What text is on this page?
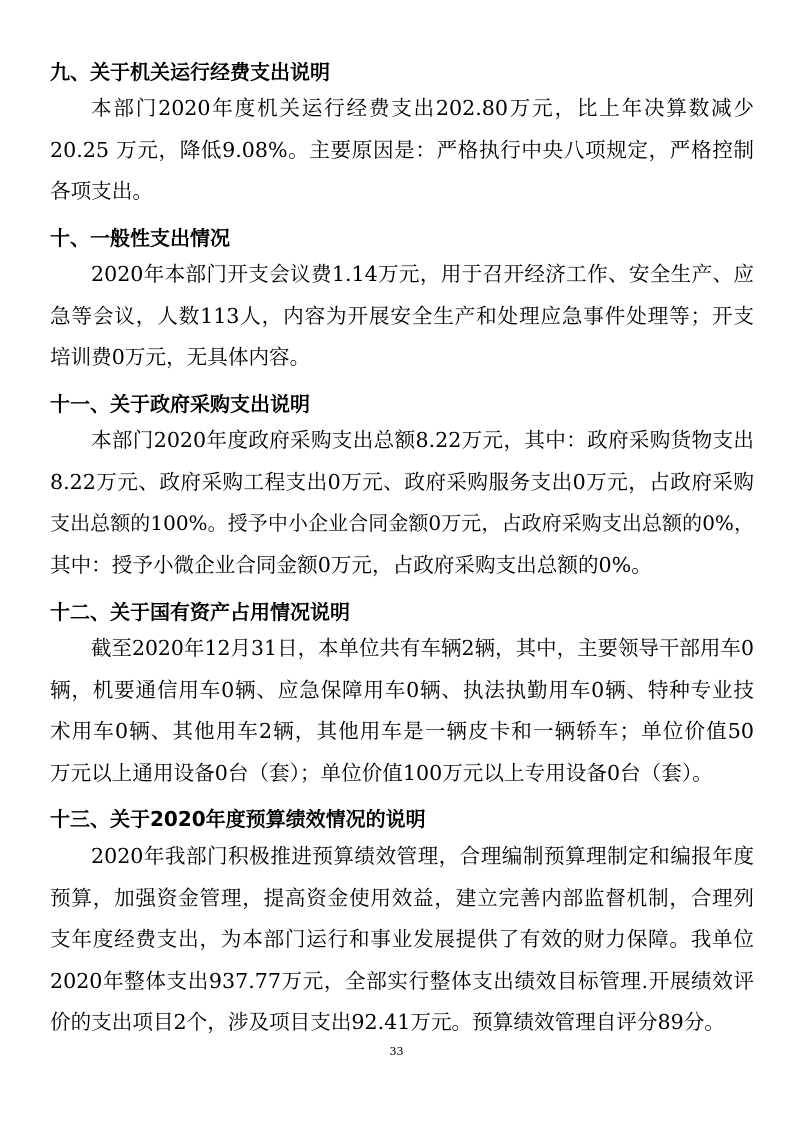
九、关于机关运行经费支出说明
本部门2020年度机关运行经费支出202.80万元，比上年决算数减少
20.25 万元，降低9.08%。主要原因是：严格执行中央八项规定，严格控制
各项支出。
十、一般性支出情况
2020年本部门开支会议费1.14万元，用于召开经济工作、安全生产、应
急等会议，人数113人，内容为开展安全生产和处理应急事件处理等；开支
培训费0万元，无具体内容。
十一、关于政府采购支出说明
本部门2020年度政府采购支出总额8.22万元，其中：政府采购货物支出
8.22万元、政府采购工程支出0万元、政府采购服务支出0万元，占政府采购
支出总额的100%。授予中小企业合同金额0万元，占政府采购支出总额的0%，
其中：授予小微企业合同金额0万元，占政府采购支出总额的0%。
十二、关于国有资产占用情况说明
截至2020年12月31日，本单位共有车辆2辆，其中，主要领导干部用车0
辆，机要通信用车0辆、应急保障用车0辆、执法执勤用车0辆、特种专业技
术用车0辆、其他用车2辆，其他用车是一辆皮卡和一辆轿车；单位价值50
万元以上通用设备0台（套）；单位价值100万元以上专用设备0台（套）。
十三、关于2020年度预算绩效情况的说明
2020年我部门积极推进预算绩效管理，合理编制预算理制定和编报年度
预算，加强资金管理，提高资金使用效益，建立完善内部监督机制，合理列
支年度经费支出，为本部门运行和事业发展提供了有效的财力保障。我单位
2020年整体支出937.77万元，全部实行整体支出绩效目标管理.开展绩效评
价的支出项目2个，涉及项目支出92.41万元。预算绩效管理自评分89分。
33
